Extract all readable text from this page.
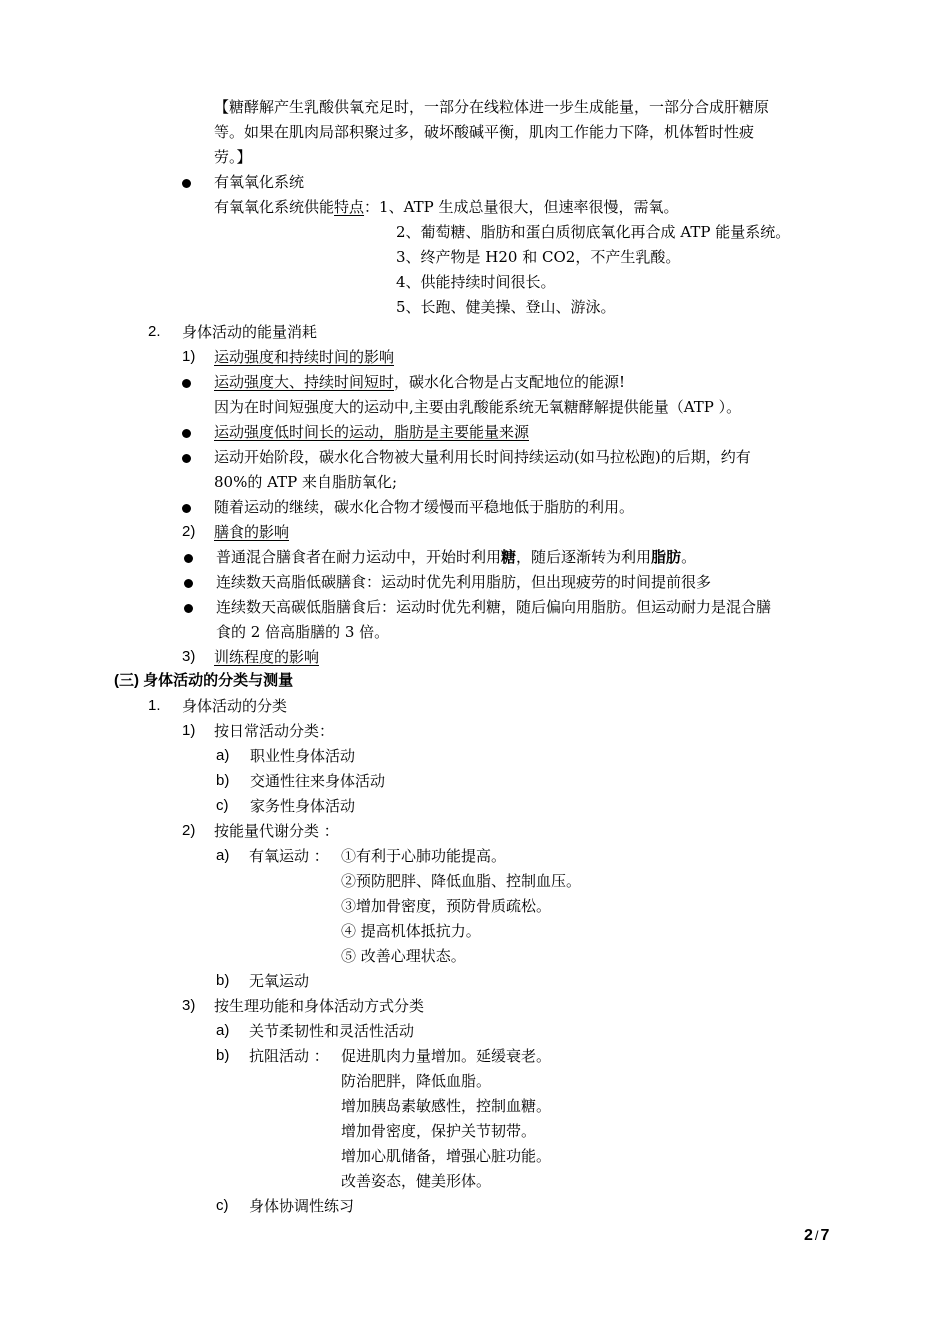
【糖酵解产生乳酸供氧充足时，一部分在线粒体进一步生成能量，一部分合成肝糖原
等。如果在肌肉局部积聚过多，破坏酸碱平衡，肌肉工作能力下降，机体暂时性疲
劳。】
有氧氧化系统
有氧氧化系统供能特点：1、ATP 生成总量很大，但速率很慢，需氧。
2、葡萄糖、脂肪和蛋白质彻底氧化再合成 ATP 能量系统。
3、终产物是 H20 和 CO2，不产生乳酸。
4、供能持续时间很长。
5、长跑、健美操、登山、游泳。
2. 身体活动的能量消耗
1) 运动强度和持续时间的影响
运动强度大、持续时间短时，碳水化合物是占支配地位的能源!
因为在时间短强度大的运动中,主要由乳酸能系统无氧糖酵解提供能量（ATP ）。
运动强度低时间长的运动，脂肪是主要能量来源
运动开始阶段，碳水化合物被大量利用长时间持续运动(如马拉松跑)的后期，约有
80%的 ATP 来自脂肪氧化;
随着运动的继续，碳水化合物才缓慢而平稳地低于脂肪的利用。
2) 膳食的影响
普通混合膳食者在耐力运动中，开始时利用糖，随后逐渐转为利用脂肪。
连续数天高脂低碳膳食：运动时优先利用脂肪，但出现疲劳的时间提前很多
连续数天高碳低脂膳食后：运动时优先利糖，随后偏向用脂肪。但运动耐力是混合膳
食的 2 倍高脂膳的 3 倍。
3) 训练程度的影响
(三) 身体活动的分类与测量
1. 身体活动的分类
1) 按日常活动分类：
a) 职业性身体活动
b) 交通性往来身体活动
c) 家务性身体活动
2) 按能量代谢分类 ：
a) 有氧运动 ： ①有利于心肺功能提高。
②预防肥胖、降低血脂、控制血压。
③增加骨密度，预防骨质疏松。
④ 提高机体抵抗力。
⑤ 改善心理状态。
b) 无氧运动
3) 按生理功能和身体活动方式分类
a) 关节柔韧性和灵活性活动
b) 抗阻活动 ： 促进肌肉力量增加。延缓衰老。
防治肥胖，降低血脂。
增加胰岛素敏感性，控制血糖。
增加骨密度，保护关节韧带。
增加心肌储备，增强心脏功能。
改善姿态，健美形体。
c) 身体协调性练习
2 / 7
